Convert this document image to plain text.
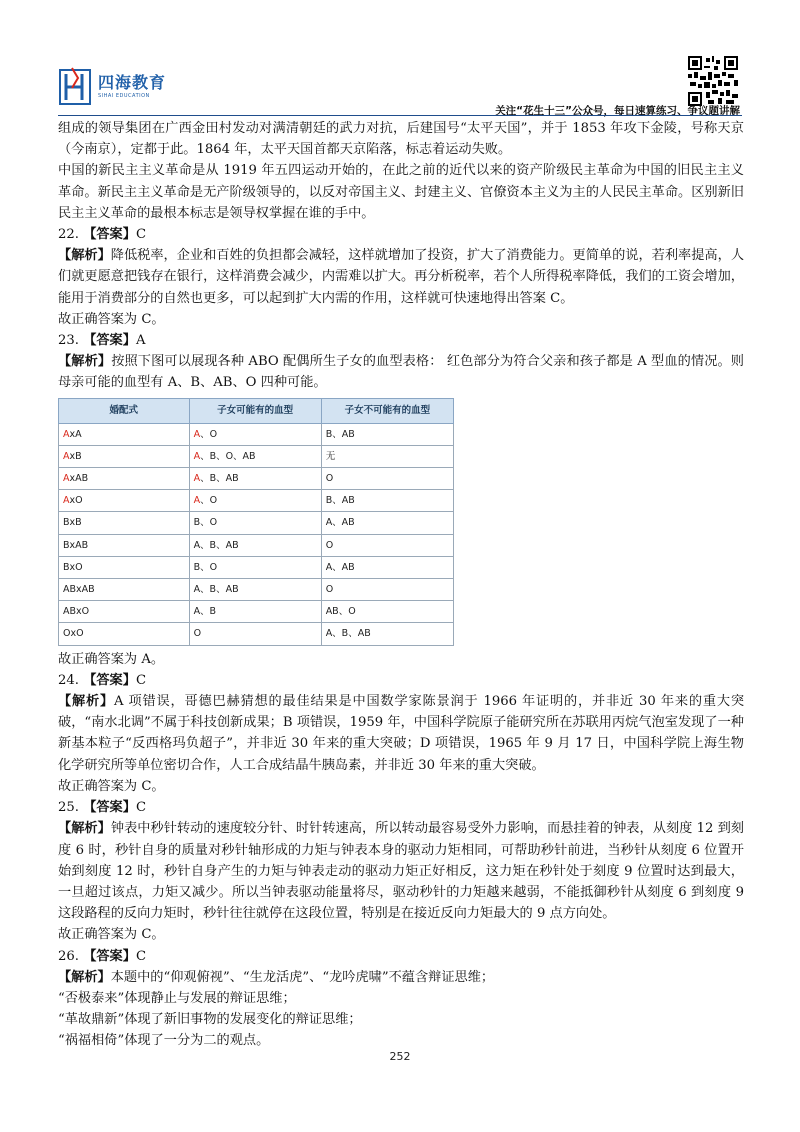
四海教育
SIHAI EDUCATION
关注“花生十三”公众号，每日速算练习、争议题讲解

组成的领导集团在广西金田村发动对满清朝廷的武力对抗，后建国号“太平天国”，并于 1853 年攻下金陵，号称天京（今南京），定都于此。1864 年，太平天国首都天京陷落，标志着运动失败。

中国的新民主主义革命是从 1919 年五四运动开始的，在此之前的近代以来的资产阶级民主革命为中国的旧民主主义革命。新民主主义革命是无产阶级领导的，以反对帝国主义、封建主义、官僚资本主义为主的人民民主革命。区别新旧民主主义革命的最根本标志是领导权掌握在谁的手中。

22. 【答案】C

【解析】降低税率，企业和百姓的负担都会减轻，这样就增加了投资，扩大了消费能力。更简单的说，若利率提高，人们就更愿意把钱存在银行，这样消费会减少，内需难以扩大。再分析税率，若个人所得税率降低，我们的工资会增加，能用于消费部分的自然也更多，可以起到扩大内需的作用，这样就可快速地得出答案 C。

故正确答案为 C。

23. 【答案】A

【解析】按照下图可以展现各种 ABO 配偶所生子女的血型表格： 红色部分为符合父亲和孩子都是 A 型血的情况。则母亲可能的血型有 A、B、AB、O 四种可能。

婚配式	子女可能有的血型	子女不可能有的血型
AxA	A、O	B、AB
AxB	A、B、O、AB	无
AxAB	A、B、AB	O
AxO	A、O	B、AB
BxB	B、O	A、AB
BxAB	A、B、AB	O
BxO	B、O	A、AB
ABxAB	A、B、AB	O
ABxO	A、B	AB、O
OxO	O	A、B、AB

故正确答案为 A。

24. 【答案】C

【解析】A 项错误，哥德巴赫猜想的最佳结果是中国数学家陈景润于 1966 年证明的，并非近 30 年来的重大突破，“南水北调”不属于科技创新成果；B 项错误，1959 年，中国科学院原子能研究所在苏联用丙烷气泡室发现了一种新基本粒子“反西格玛负超子”，并非近 30 年来的重大突破；D 项错误，1965 年 9 月 17 日，中国科学院上海生物化学研究所等单位密切合作，人工合成结晶牛胰岛素，并非近 30 年来的重大突破。

故正确答案为 C。

25. 【答案】C

【解析】钟表中秒针转动的速度较分针、时针转速高，所以转动最容易受外力影响，而悬挂着的钟表，从刻度 12 到刻度 6 时，秒针自身的质量对秒针轴形成的力矩与钟表本身的驱动力矩相同，可帮助秒针前进，当秒针从刻度 6 位置开始到刻度 12 时，秒针自身产生的力矩与钟表走动的驱动力矩正好相反，这力矩在秒针处于刻度 9 位置时达到最大，一旦超过该点，力矩又减少。所以当钟表驱动能量将尽，驱动秒针的力矩越来越弱，不能抵御秒针从刻度 6 到刻度 9 这段路程的反向力矩时，秒针往往就停在这段位置，特别是在接近反向力矩最大的 9 点方向处。

故正确答案为 C。

26. 【答案】C

【解析】本题中的“仰观俯视”、“生龙活虎”、“龙吟虎啸”不蕴含辩证思维；

“否极泰来”体现静止与发展的辩证思维；

“革故鼎新”体现了新旧事物的发展变化的辩证思维；

“祸福相倚”体现了一分为二的观点。

252
